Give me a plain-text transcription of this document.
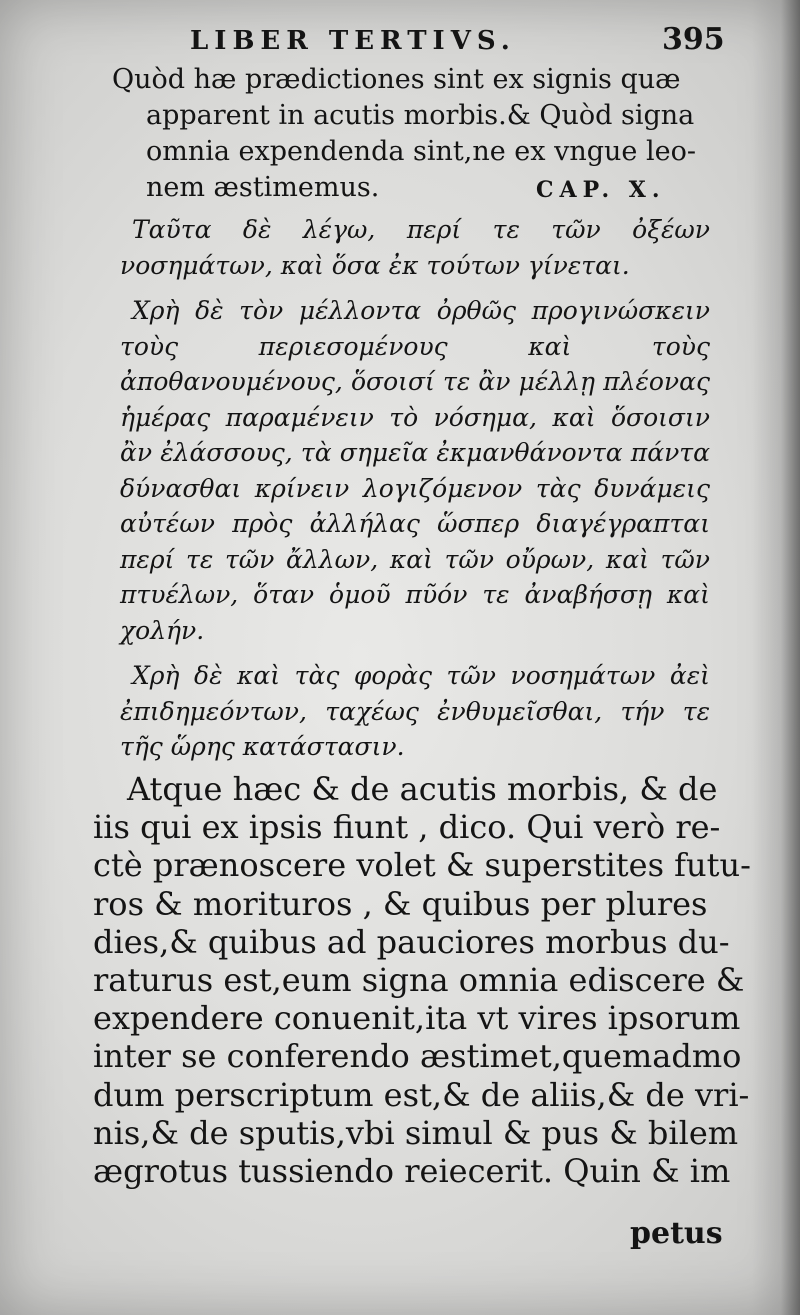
LIBER TERTIVS.	395
Quòd hæ prædictiones sint ex signis quæ
apparent in acutis morbis.& Quòd signa
omnia expendenda sint,ne ex vngue leo-
nem æstimemus.	CAP. X.

Ταῦτα δὲ λέγω, περί τε τῶν ὀξέων νοσημάτων, καὶ ὅσα ἐκ τούτων γίνεται.

Χρὴ δὲ τὸν μέλλοντα ὀρθῶς προγινώσκειν τοὺς περιεσομένους καὶ τοὺς ἀποθανουμένους, ὅσοισί τε ἂν μέλλῃ πλέονας ἡμέρας παραμένειν τὸ νόσημα, καὶ ὅσοισιν ἂν ἐλάσσους, τὰ σημεῖα ἐκμανθάνοντα πάντα δύνασθαι κρίνειν λογιζόμενον τὰς δυνάμεις αὐτέων πρὸς ἀλλήλας ὥσπερ διαγέγραπται περί τε τῶν ἄλλων, καὶ τῶν οὔρων, καὶ τῶν πτυέλων, ὅταν ὁμοῦ πῦόν τε ἀναβήσσῃ καὶ χολήν.

Χρὴ δὲ καὶ τὰς φορὰς τῶν νοσημάτων ἀεὶ ἐπιδημεόντων, ταχέως ἐνθυμεῖσθαι, τήν τε τῆς ὥρης κατάστασιν.

Atque hæc & de acutis morbis, & de
iis qui ex ipsis fiunt , dico. Qui verò re-
ctè prænoscere volet & superstites futu-
ros & morituros , & quibus per plures
dies,& quibus ad pauciores morbus du-
raturus est,eum signa omnia ediscere &
expendere conuenit,ita vt vires ipsorum
inter se conferendo æstimet,quemadmo
dum perscriptum est,& de aliis,& de vri-
nis,& de sputis,vbi simul & pus & bilem
ægrotus tussiendo reiecerit. Quin & im
petus
